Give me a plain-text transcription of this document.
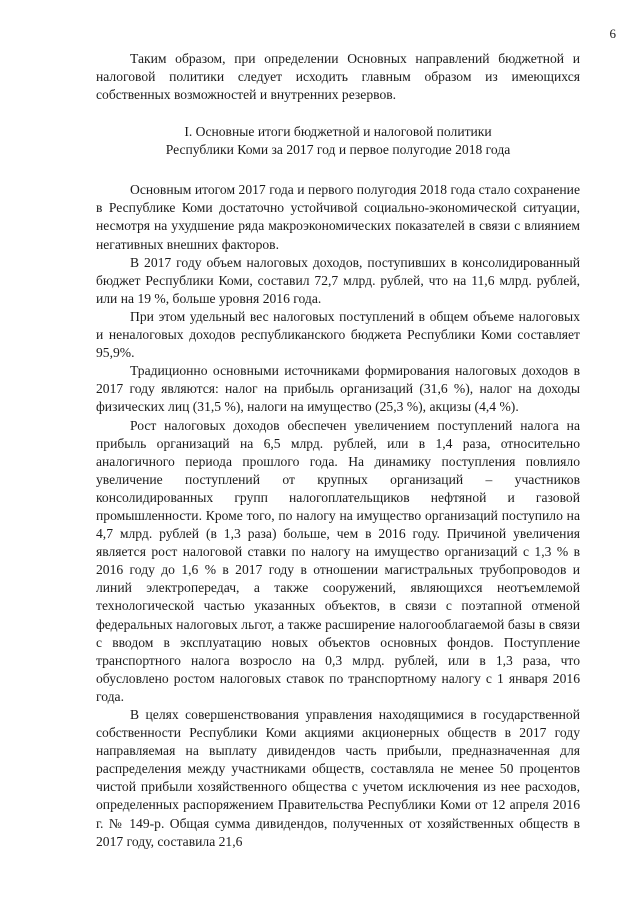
6

Таким образом, при определении Основных направлений бюджетной и налоговой политики следует исходить главным образом из имеющихся собственных возможностей и внутренних резервов.

I. Основные итоги бюджетной и налоговой политики
Республики Коми за 2017 год и первое полугодие 2018 года

Основным итогом 2017 года и первого полугодия 2018 года стало сохранение в Республике Коми достаточно устойчивой социально-экономической ситуации, несмотря на ухудшение ряда макроэкономических показателей в связи с влиянием негативных внешних факторов.

В 2017 году объем налоговых доходов, поступивших в консолидированный бюджет Республики Коми, составил 72,7 млрд. рублей, что на 11,6 млрд. рублей, или на 19 %, больше уровня 2016 года.

При этом удельный вес налоговых поступлений в общем объеме налоговых и неналоговых доходов республиканского бюджета Республики Коми составляет 95,9%.

Традиционно основными источниками формирования налоговых доходов в 2017 году являются: налог на прибыль организаций (31,6 %), налог на доходы физических лиц (31,5 %), налоги на имущество (25,3 %), акцизы (4,4 %).

Рост налоговых доходов обеспечен увеличением поступлений налога на прибыль организаций на 6,5 млрд. рублей, или в 1,4 раза, относительно аналогичного периода прошлого года. На динамику поступления повлияло увеличение поступлений от крупных организаций – участников консолидированных групп налогоплательщиков нефтяной и газовой промышленности. Кроме того, по налогу на имущество организаций поступило на 4,7 млрд. рублей (в 1,3 раза) больше, чем в 2016 году. Причиной увеличения является рост налоговой ставки по налогу на имущество организаций с 1,3 % в 2016 году до 1,6 % в 2017 году в отношении магистральных трубопроводов и линий электропередач, а также сооружений, являющихся неотъемлемой технологической частью указанных объектов, в связи с поэтапной отменой федеральных налоговых льгот, а также расширение налогооблагаемой базы в связи с вводом в эксплуатацию новых объектов основных фондов. Поступление транспортного налога возросло на 0,3 млрд. рублей, или в 1,3 раза, что обусловлено ростом налоговых ставок по транспортному налогу с 1 января 2016 года.

В целях совершенствования управления находящимися в государственной собственности Республики Коми акциями акционерных обществ в 2017 году направляемая на выплату дивидендов часть прибыли, предназначенная для распределения между участниками обществ, составляла не менее 50 процентов чистой прибыли хозяйственного общества с учетом исключения из нее расходов, определенных распоряжением Правительства Республики Коми от 12 апреля 2016 г. № 149-р. Общая сумма дивидендов, полученных от хозяйственных обществ в 2017 году, составила 21,6
